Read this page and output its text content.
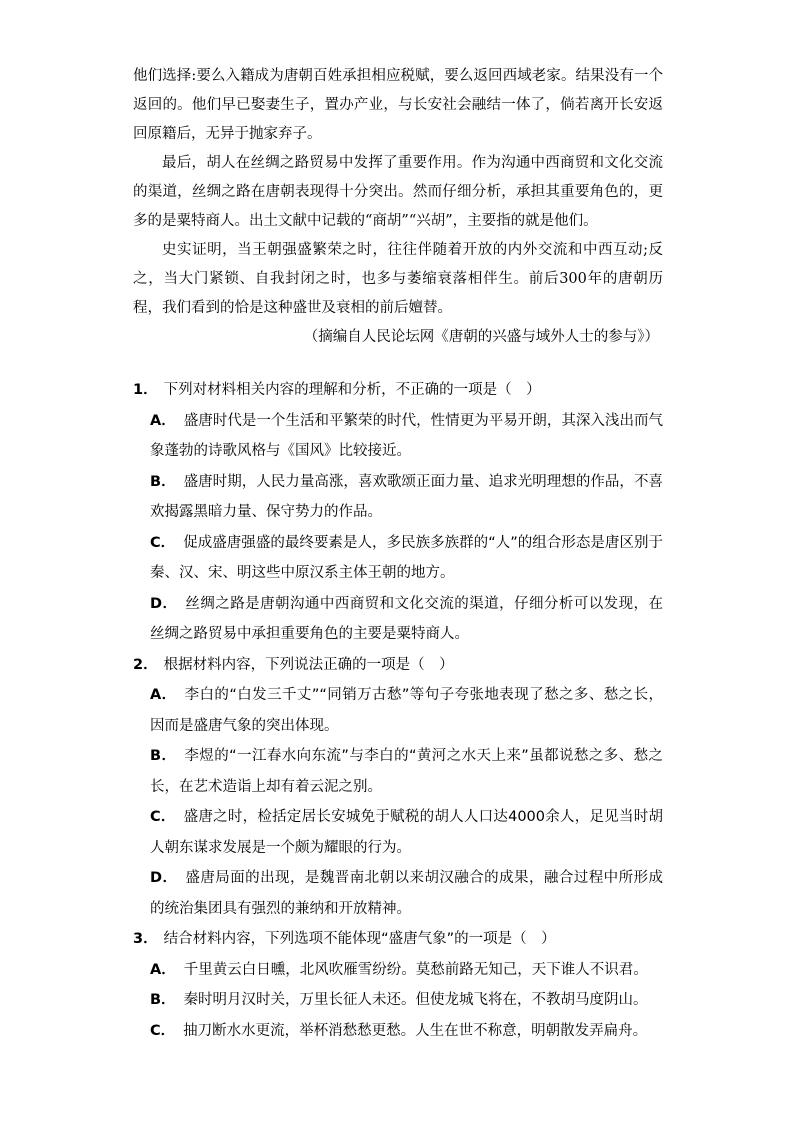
他们选择:要么入籍成为唐朝百姓承担相应税赋，要么返回西域老家。结果没有一个返回的。他们早已娶妻生子，置办产业，与长安社会融结一体了，倘若离开长安返回原籍后，无异于抛家弃子。

最后，胡人在丝绸之路贸易中发挥了重要作用。作为沟通中西商贸和文化交流的渠道，丝绸之路在唐朝表现得十分突出。然而仔细分析，承担其重要角色的，更多的是粟特商人。出土文献中记载的“商胡”“兴胡”，主要指的就是他们。

史实证明，当王朝强盛繁荣之时，往往伴随着开放的内外交流和中西互动;反之，当大门紧锁、自我封闭之时，也多与萎缩衰落相伴生。前后300年的唐朝历程，我们看到的恰是这种盛世及衰相的前后嬗替。

（摘编自人民论坛网《唐朝的兴盛与域外人士的参与》）

1． 下列对材料相关内容的理解和分析，不正确的一项是（　）

A． 盛唐时代是一个生活和平繁荣的时代，性情更为平易开朗，其深入浅出而气象蓬勃的诗歌风格与《国风》比较接近。

B． 盛唐时期，人民力量高涨，喜欢歌颂正面力量、追求光明理想的作品，不喜欢揭露黑暗力量、保守势力的作品。

C． 促成盛唐强盛的最终要素是人，多民族多族群的“人”的组合形态是唐区别于秦、汉、宋、明这些中原汉系主体王朝的地方。

D． 丝绸之路是唐朝沟通中西商贸和文化交流的渠道，仔细分析可以发现，在丝绸之路贸易中承担重要角色的主要是粟特商人。

2． 根据材料内容，下列说法正确的一项是（　）

A． 李白的“白发三千丈”“同销万古愁”等句子夸张地表现了愁之多、愁之长，因而是盛唐气象的突出体现。

B． 李煜的“一江春水向东流”与李白的“黄河之水天上来”虽都说愁之多、愁之长，在艺术造诣上却有着云泥之别。

C． 盛唐之时，检括定居长安城免于赋税的胡人人口达4000余人，足见当时胡人朝东谋求发展是一个颇为耀眼的行为。

D． 盛唐局面的出现，是魏晋南北朝以来胡汉融合的成果，融合过程中所形成的统治集团具有强烈的兼纳和开放精神。

3． 结合材料内容，下列选项不能体现“盛唐气象”的一项是（　）

A． 千里黄云白日曛，北风吹雁雪纷纷。莫愁前路无知己，天下谁人不识君。

B． 秦时明月汉时关，万里长征人未还。但使龙城飞将在，不教胡马度阴山。

C． 抽刀断水水更流，举杯消愁愁更愁。人生在世不称意，明朝散发弄扁舟。
